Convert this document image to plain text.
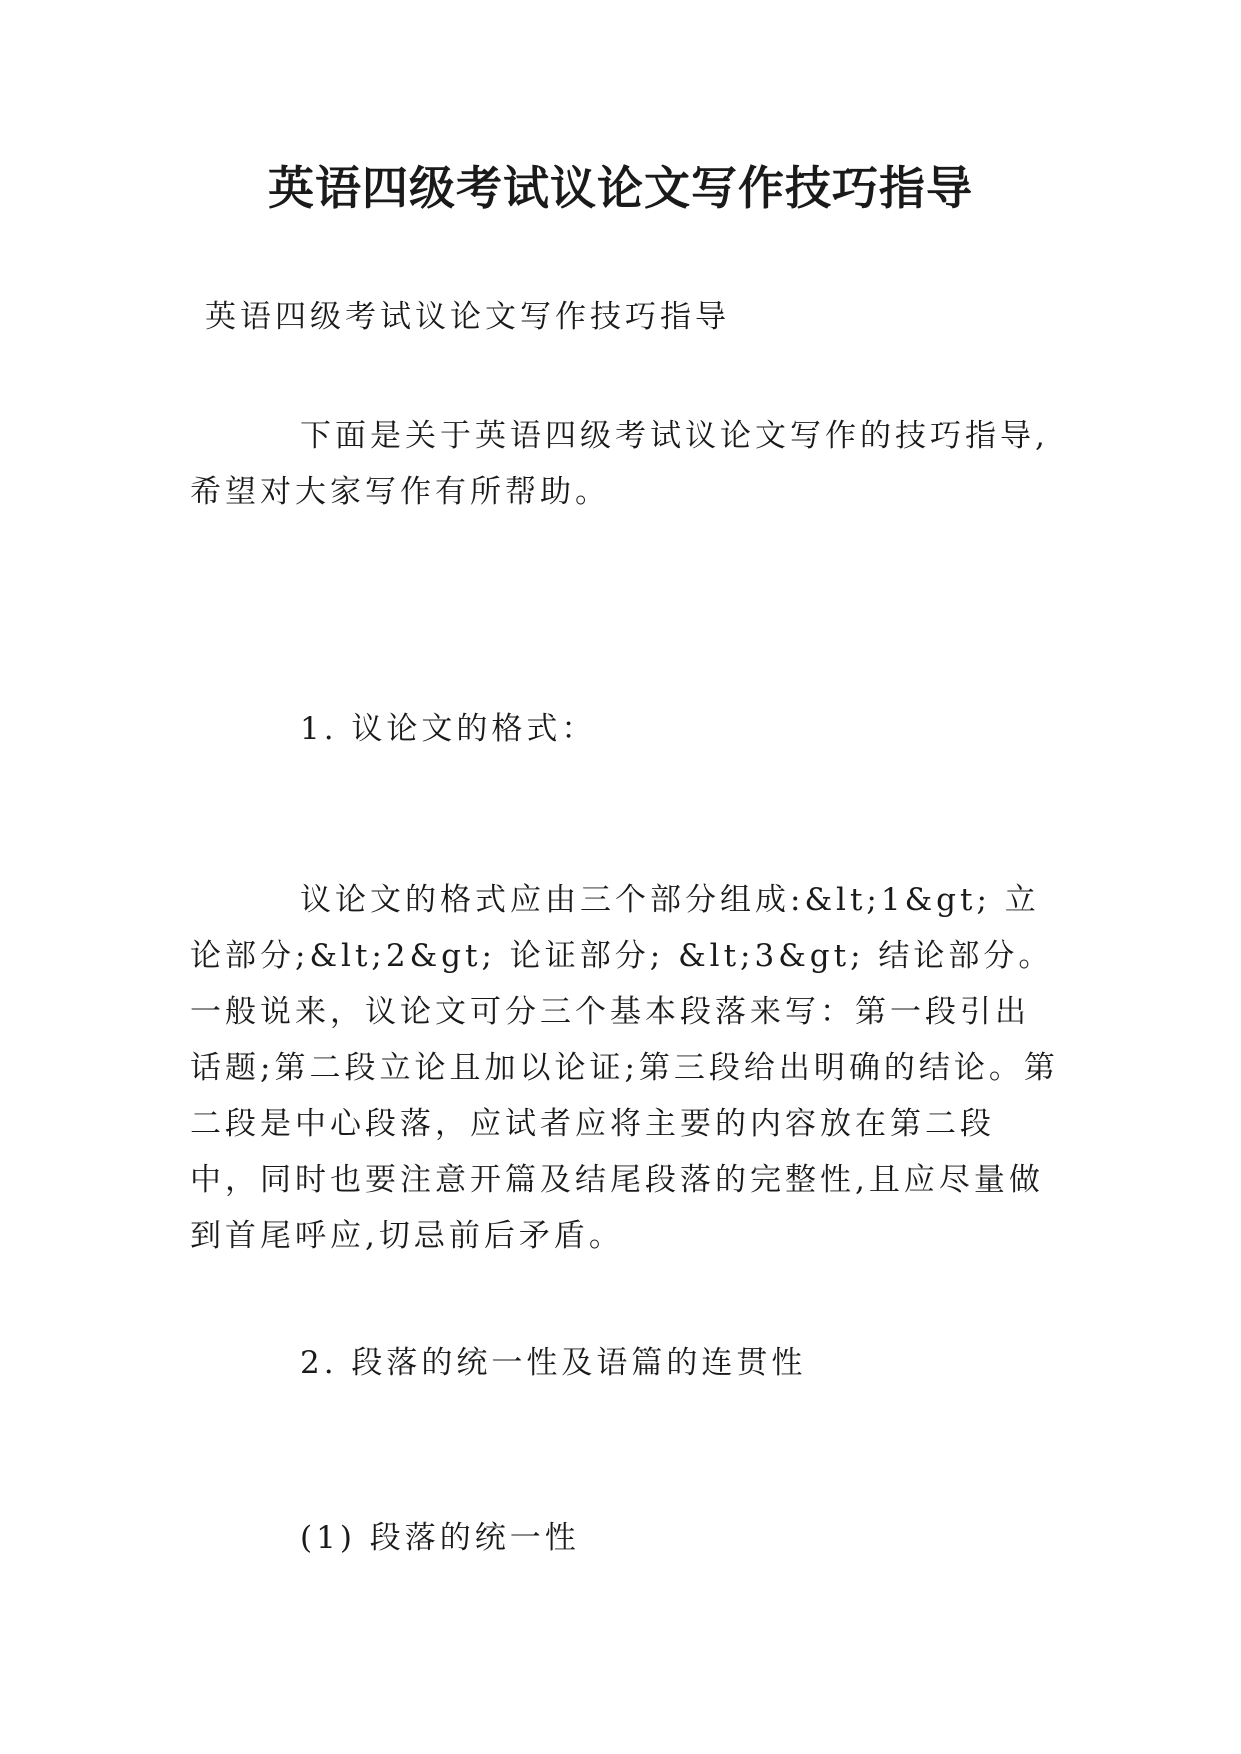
英语四级考试议论文写作技巧指导

英语四级考试议论文写作技巧指导

下面是关于英语四级考试议论文写作的技巧指导,希望对大家写作有所帮助。

1. 议论文的格式：

议论文的格式应由三个部分组成:&lt;1&gt; 立论部分;&lt;2&gt; 论证部分; &lt;3&gt; 结论部分。一般说来，议论文可分三个基本段落来写：第一段引出话题;第二段立论且加以论证;第三段给出明确的结论。第二段是中心段落，应试者应将主要的内容放在第二段中，同时也要注意开篇及结尾段落的完整性,且应尽量做到首尾呼应,切忌前后矛盾。

2. 段落的统一性及语篇的连贯性

(1) 段落的统一性
